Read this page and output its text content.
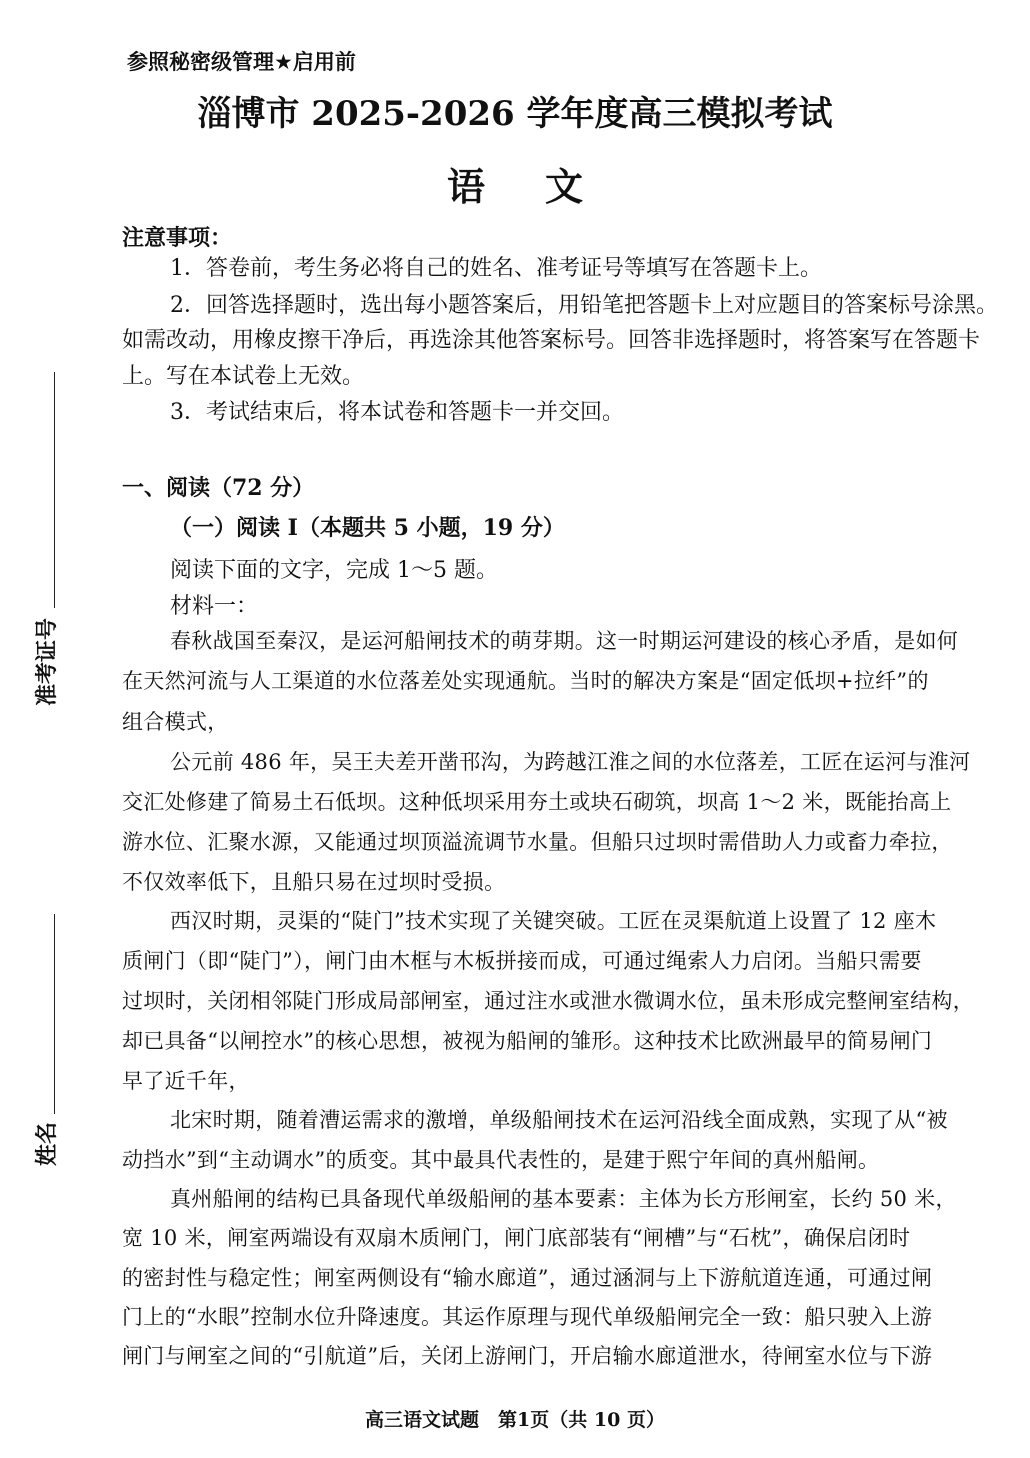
参照秘密级管理★启用前
淄博市 2025-2026 学年度高三模拟考试
语文
准考证号
姓名
注意事项：
1．答卷前，考生务必将自己的姓名、准考证号等填写在答题卡上。
2．回答选择题时，选出每小题答案后，用铅笔把答题卡上对应题目的答案标号涂黑。
如需改动，用橡皮擦干净后，再选涂其他答案标号。回答非选择题时，将答案写在答题卡
上。写在本试卷上无效。
3．考试结束后，将本试卷和答题卡一并交回。
一、阅读（72 分）
（一）阅读 I（本题共 5 小题，19 分）
阅读下面的文字，完成 1～5 题。
材料一：
春秋战国至秦汉，是运河船闸技术的萌芽期。这一时期运河建设的核心矛盾，是如何
在天然河流与人工渠道的水位落差处实现通航。当时的解决方案是“固定低坝+拉纤”的
组合模式，
公元前 486 年，吴王夫差开凿邗沟，为跨越江淮之间的水位落差，工匠在运河与淮河
交汇处修建了简易土石低坝。这种低坝采用夯土或块石砌筑，坝高 1～2 米，既能抬高上
游水位、汇聚水源，又能通过坝顶溢流调节水量。但船只过坝时需借助人力或畜力牵拉，
不仅效率低下，且船只易在过坝时受损。
西汉时期，灵渠的“陡门”技术实现了关键突破。工匠在灵渠航道上设置了 12 座木
质闸门（即“陡门”），闸门由木框与木板拼接而成，可通过绳索人力启闭。当船只需要
过坝时，关闭相邻陡门形成局部闸室，通过注水或泄水微调水位，虽未形成完整闸室结构，
却已具备“以闸控水”的核心思想，被视为船闸的雏形。这种技术比欧洲最早的简易闸门
早了近千年，
北宋时期，随着漕运需求的激增，单级船闸技术在运河沿线全面成熟，实现了从“被
动挡水”到“主动调水”的质变。其中最具代表性的，是建于熙宁年间的真州船闸。
真州船闸的结构已具备现代单级船闸的基本要素：主体为长方形闸室，长约 50 米，
宽 10 米，闸室两端设有双扇木质闸门，闸门底部装有“闸槽”与“石枕”，确保启闭时
的密封性与稳定性；闸室两侧设有“输水廊道”，通过涵洞与上下游航道连通，可通过闸
门上的“水眼”控制水位升降速度。其运作原理与现代单级船闸完全一致：船只驶入上游
闸门与闸室之间的“引航道”后，关闭上游闸门，开启输水廊道泄水，待闸室水位与下游
高三语文试题　第1页（共 10 页）
